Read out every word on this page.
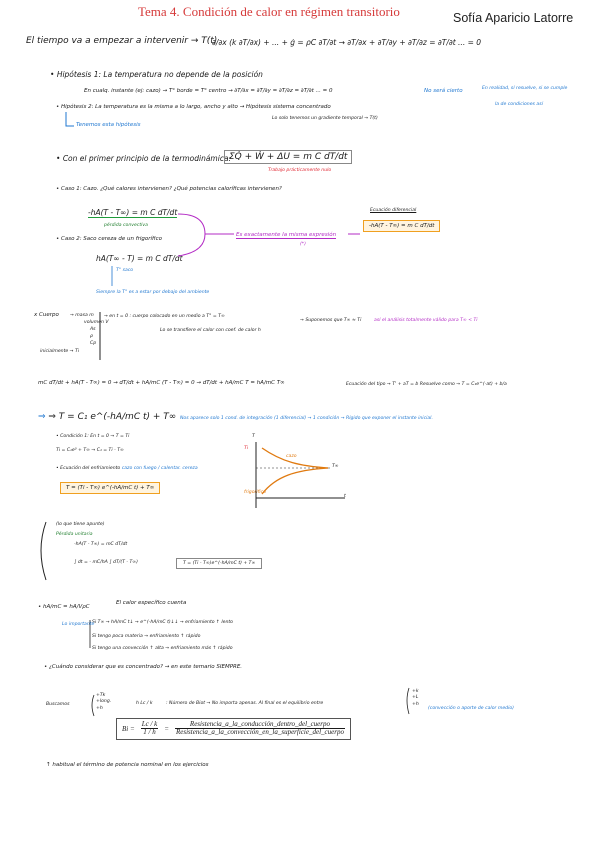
Tema 4. Condición de calor en régimen transitorio	Sofía Aparicio Latorre
El tiempo va a empezar a intervenir → T(t)
∂/∂x (k ∂T/∂x) + ... + ġ = ρC ∂T/∂t → ∂T/∂x + ∂T/∂y + ∂T/∂z = ∂T/∂t ... = 0
• Hipótesis 1: La temperatura no depende de la posición
En cualq. instante (ej: cazo) → T° borde = T° centro → ∂T/∂x = ∂T/∂y = ∂T/∂z = ∂T/∂t ... = 0	No será cierto	En realidad, sí resuelve, si se cumple
la de condiciones así
• Hipótesis 2: La temperatura es la misma a lo largo, ancho y alto → Hipótesis sistema concentrado
Lo solo tenemos un gradiente temporal → T(t)
Tenemos esta hipótesis
• Con el primer principio de la termodinámica:
ΣQ̇ + Ẇ + ΔU = m C dT/dt
Trabajo prácticamente nulo
• Caso 1: Cazo. ¿Qué calores intervienen? ¿Qué potencias caloríficas intervienen?
-hA(T - T∞) = m C dT/dt
pérdida convectiva
• Caso 2: Saco cereza de un frigorífico
hA(T∞ - T) = m C dT/dt
T° saco
Siempre la T° es a estar por debajo del ambiente
Es exactamente la misma expresión
(*)
Ecuación diferencial
-hA(T - T∞) = m C dT/dt
x Cuerpo → masa m
volumen V
As
ρ
Cp
inicialmente → Ti
→ en t = 0 : cuerpo colocado en un medio a T° = T∞
Lo se transfiere el calor con coef. de calor h
→ Suponemos que T∞ ≈ Ti	así el análisis totalmente válido para T∞ < Ti
mC dT/dt + hA(T - T∞) = 0 → dT/dt + hA/mC (T - T∞) = 0 → dT/dt + hA/mC T = hA/mC T∞	Ecuación del tipo → T' + aT = b Resuelve como → T = C₁e^(-at) + b/a
⇒ ⇒ T = C₁ e^(-hA/mC t) + T∞ Nos aparece solo 1 cond. de integración (1 diferencial) → 1 condición → Rígido que exponer el instante inicial.
• Condición 1: En t = 0 → T = Ti
Ti = C₁e⁰ + T∞ → C₁ = Ti - T∞
• Ecuación del enfriamiento cazo con fuego / calentar. cereza
T = (Ti - T∞) e^(-hA/mC t) + T∞
T
Ti
cazo
T∞
frigorífico
t
(lo que tiene apunte)
Pérdida unitaria
-hA(T - T∞) = mC dT/dt
∫ dt = - mC/hA ∫ dT/(T - T∞)	T = (Ti - T∞)e^(-hA/mC t) + T∞
• hA/mC = hA/VρC
El calor específico cuenta
Si T∞ → hA/mC t↓ → e^(-hA/mC t)↓↓ → enfriamiento ↑ lento
Lo importante
Si tengo poca materia → enfriamiento ↑ rápido
Si tengo una convección ↑ alta → enfriamiento más ↑ rápido
• ¿Cuándo considerar que es concentrado? → en este temario SIEMPRE.
Buscamos
+Tk
+long.
+h
h Lc / k	: Número de Biot → No importa apenas. Al final es el equilibrio entre
+k
+L
+h
(convección o aporte de calor medio)
$Bi = \frac{Lc / k}{1 / h} = \frac{\text{Resistencia\_a\_la\_conducción\_dentro\_del\_cuerpo}}{\text{Resistencia\_a\_la\_convección\_en\_la\_superficie\_del\_cuerpo}}$
↑ habitual el término de potencia nominal en los ejercicios
